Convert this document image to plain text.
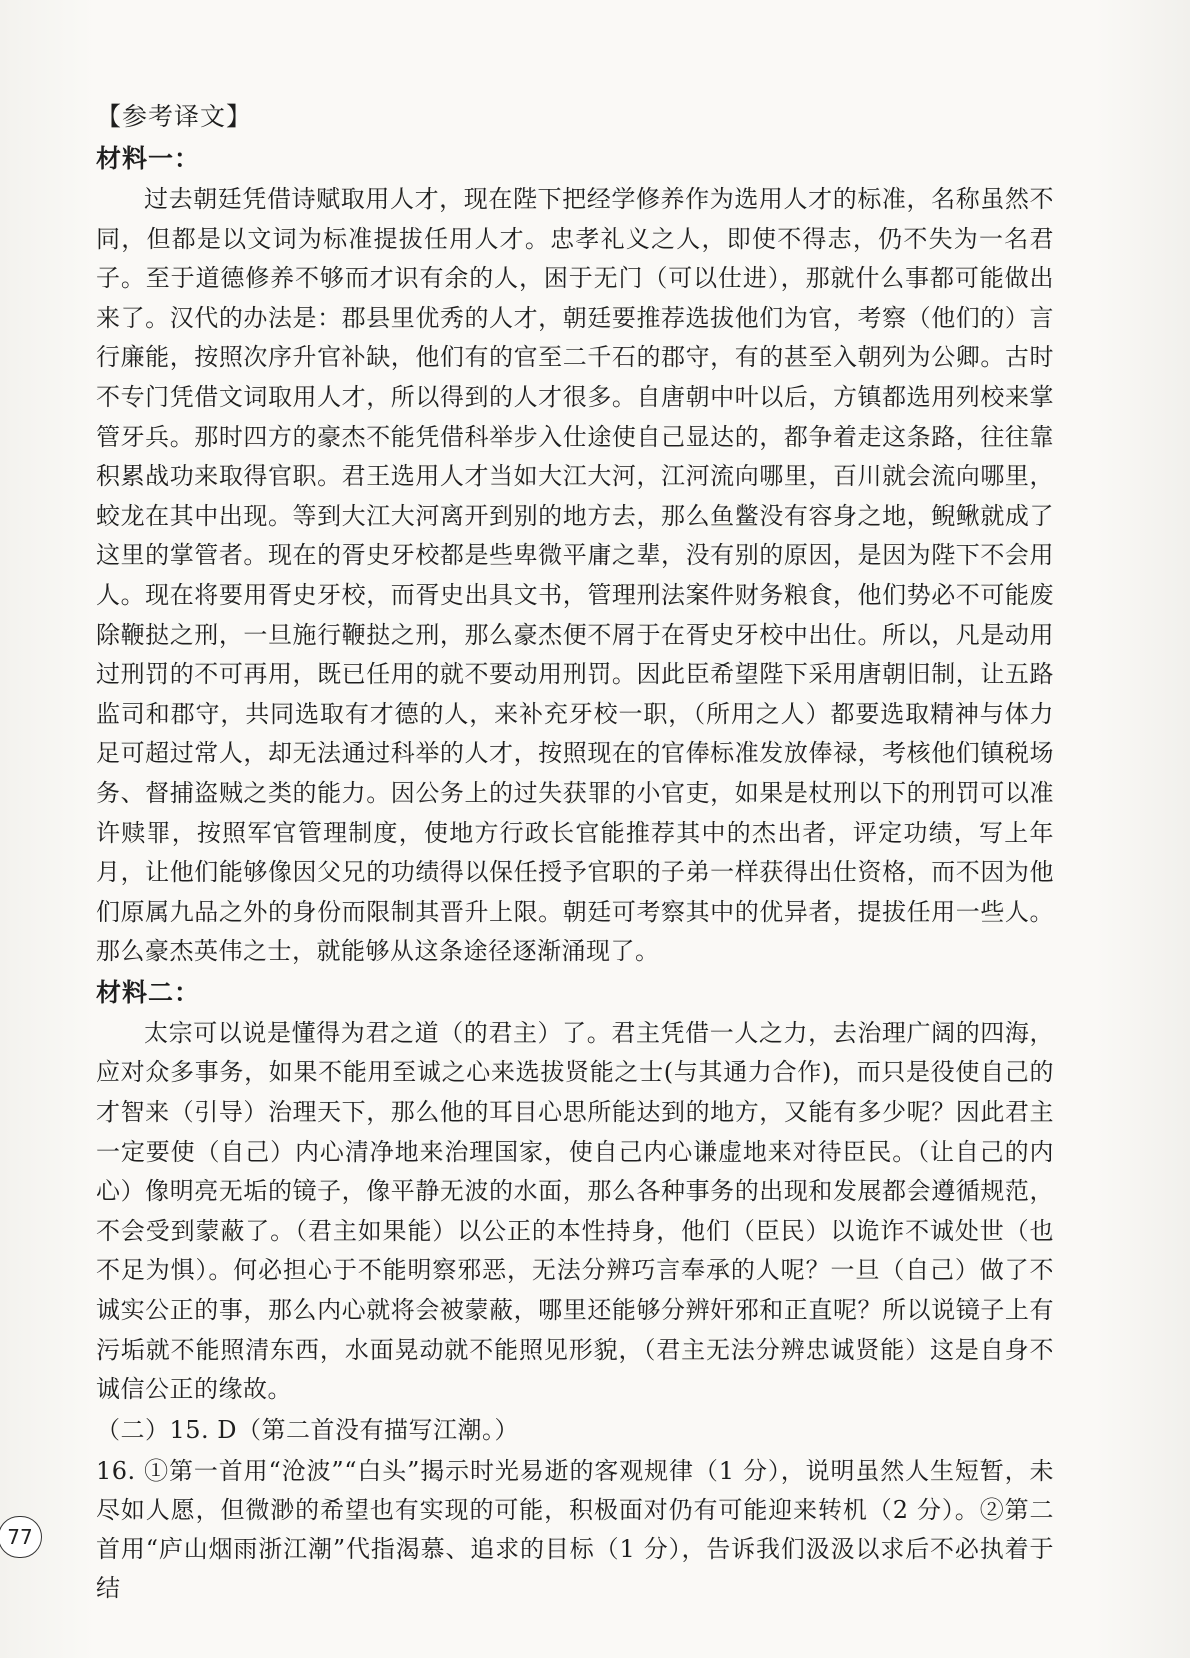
【参考译文】

材料一：

过去朝廷凭借诗赋取用人才，现在陛下把经学修养作为选用人才的标准，名称虽然不同，但都是以文词为标准提拔任用人才。忠孝礼义之人，即使不得志，仍不失为一名君子。至于道德修养不够而才识有余的人，困于无门（可以仕进），那就什么事都可能做出来了。汉代的办法是：郡县里优秀的人才，朝廷要推荐选拔他们为官，考察（他们的）言行廉能，按照次序升官补缺，他们有的官至二千石的郡守，有的甚至入朝列为公卿。古时不专门凭借文词取用人才，所以得到的人才很多。自唐朝中叶以后，方镇都选用列校来掌管牙兵。那时四方的豪杰不能凭借科举步入仕途使自己显达的，都争着走这条路，往往靠积累战功来取得官职。君王选用人才当如大江大河，江河流向哪里，百川就会流向哪里，蛟龙在其中出现。等到大江大河离开到别的地方去，那么鱼鳖没有容身之地，鲵鳅就成了这里的掌管者。现在的胥史牙校都是些卑微平庸之辈，没有别的原因，是因为陛下不会用人。现在将要用胥史牙校，而胥史出具文书，管理刑法案件财务粮食，他们势必不可能废除鞭挞之刑，一旦施行鞭挞之刑，那么豪杰便不屑于在胥史牙校中出仕。所以，凡是动用过刑罚的不可再用，既已任用的就不要动用刑罚。因此臣希望陛下采用唐朝旧制，让五路监司和郡守，共同选取有才德的人，来补充牙校一职，（所用之人）都要选取精神与体力足可超过常人，却无法通过科举的人才，按照现在的官俸标准发放俸禄，考核他们镇税场务、督捕盗贼之类的能力。因公务上的过失获罪的小官吏，如果是杖刑以下的刑罚可以准许赎罪，按照军官管理制度，使地方行政长官能推荐其中的杰出者，评定功绩，写上年月，让他们能够像因父兄的功绩得以保任授予官职的子弟一样获得出仕资格，而不因为他们原属九品之外的身份而限制其晋升上限。朝廷可考察其中的优异者，提拔任用一些人。那么豪杰英伟之士，就能够从这条途径逐渐涌现了。

材料二：

太宗可以说是懂得为君之道（的君主）了。君主凭借一人之力，去治理广阔的四海，应对众多事务，如果不能用至诚之心来选拔贤能之士(与其通力合作)，而只是役使自己的才智来（引导）治理天下，那么他的耳目心思所能达到的地方，又能有多少呢？因此君主一定要使（自己）内心清净地来治理国家，使自己内心谦虚地来对待臣民。（让自己的内心）像明亮无垢的镜子，像平静无波的水面，那么各种事务的出现和发展都会遵循规范，不会受到蒙蔽了。（君主如果能）以公正的本性持身，他们（臣民）以诡诈不诚处世（也不足为惧）。何必担心于不能明察邪恶，无法分辨巧言奉承的人呢？一旦（自己）做了不诚实公正的事，那么内心就将会被蒙蔽，哪里还能够分辨奸邪和正直呢？所以说镜子上有污垢就不能照清东西，水面晃动就不能照见形貌，（君主无法分辨忠诚贤能）这是自身不诚信公正的缘故。

（二）15. D（第二首没有描写江潮。）

16. ①第一首用“沧波”“白头”揭示时光易逝的客观规律（1 分），说明虽然人生短暂，未尽如人愿，但微渺的希望也有实现的可能，积极面对仍有可能迎来转机（2 分）。②第二首用“庐山烟雨浙江潮”代指渴慕、追求的目标（1 分），告诉我们汲汲以求后不必执着于结

77
